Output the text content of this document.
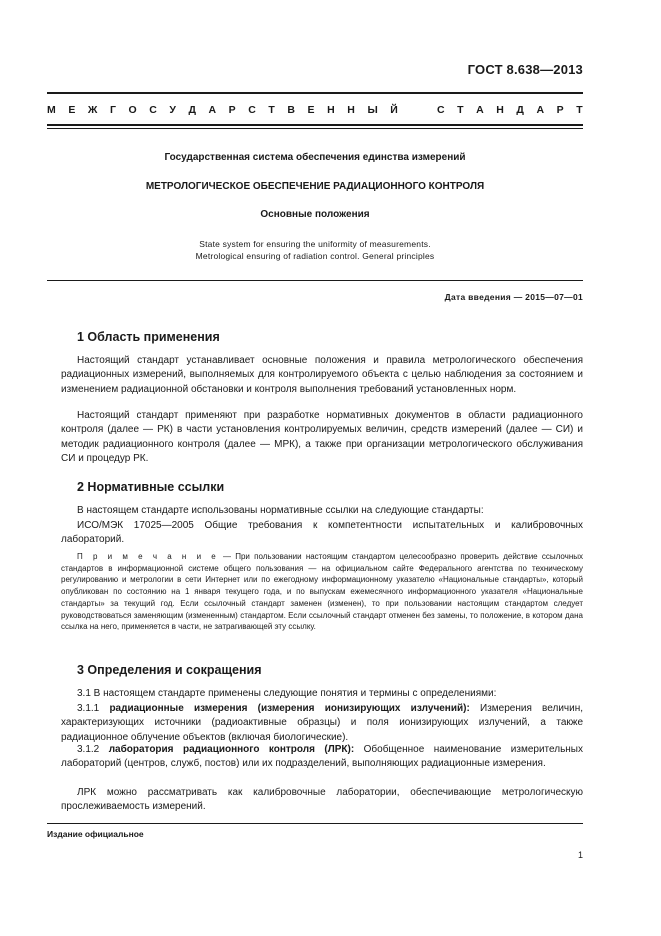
ГОСТ 8.638—2013
М Е Ж Г О С У Д А Р С Т В Е Н Н Ы Й	С Т А Н Д А Р Т
Государственная система обеспечения единства измерений
МЕТРОЛОГИЧЕСКОЕ ОБЕСПЕЧЕНИЕ РАДИАЦИОННОГО КОНТРОЛЯ
Основные положения
State system for ensuring the uniformity of measurements.
Metrological ensuring of radiation control. General principles
Дата введения — 2015—07—01
1 Область применения

Настоящий стандарт устанавливает основные положения и правила метрологического обеспечения радиационных измерений, выполняемых для контролируемого объекта с целью наблюдения за состоянием и изменением радиационной обстановки и контроля выполнения требований установленных норм.

Настоящий стандарт применяют при разработке нормативных документов в области радиационного контроля (далее — РК) в части установления контролируемых величин, средств измерений (далее — СИ) и методик радиационного контроля (далее — МРК), а также при организации метрологического обслуживания СИ и процедур РК.

2 Нормативные ссылки

В настоящем стандарте использованы нормативные ссылки на следующие стандарты:

ИСО/МЭК 17025—2005 Общие требования к компетентности испытательных и калибровочных лабораторий.

П р и м е ч а н и е — При пользовании настоящим стандартом целесообразно проверить действие ссылочных стандартов в информационной системе общего пользования — на официальном сайте Федерального агентства по техническому регулированию и метрологии в сети Интернет или по ежегодному информационному указателю «Национальные стандарты», который опубликован по состоянию на 1 января текущего года, и по выпускам ежемесячного информационного указателя «Национальные стандарты» за текущий год. Если ссылочный стандарт заменен (изменен), то при пользовании настоящим стандартом следует руководствоваться заменяющим (измененным) стандартом. Если ссылочный стандарт отменен без замены, то положение, в котором дана ссылка на него, применяется в части, не затрагивающей эту ссылку.

3 Определения и сокращения

3.1 В настоящем стандарте применены следующие понятия и термины с определениями:

3.1.1 радиационные измерения (измерения ионизирующих излучений): Измерения величин, характеризующих источники (радиоактивные образцы) и поля ионизирующих излучений, а также радиационное облучение объектов (включая биологические).

3.1.2 лаборатория радиационного контроля (ЛРК): Обобщенное наименование измерительных лабораторий (центров, служб, постов) или их подразделений, выполняющих радиационные измерения.

ЛРК можно рассматривать как калибровочные лаборатории, обеспечивающие метрологическую прослеживаемость измерений.

Издание официальное
1
